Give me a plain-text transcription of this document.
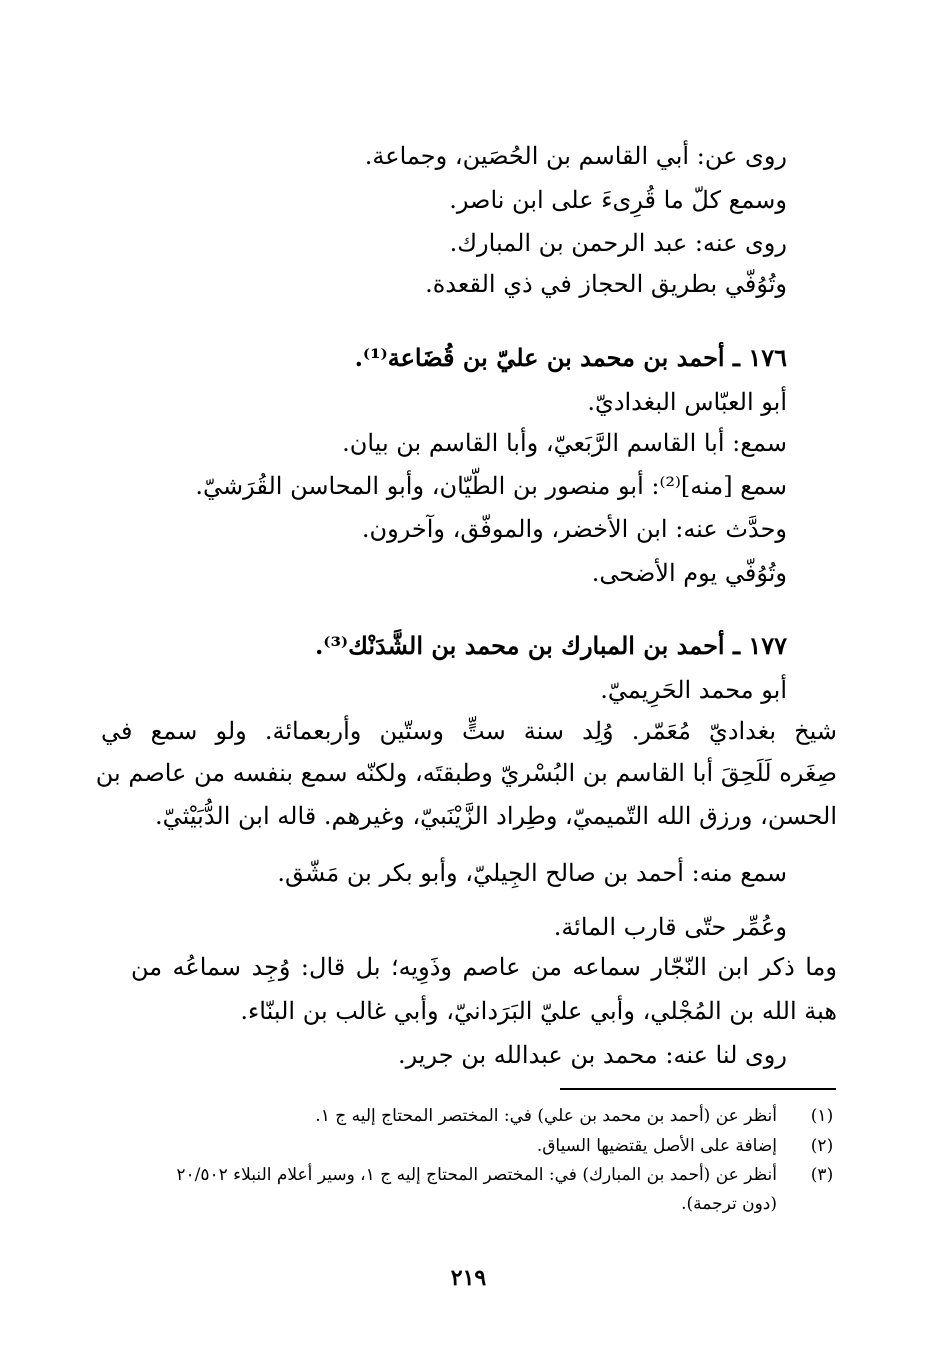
روى عن: أبي القاسم بن الحُصَين، وجماعة.
وسمع كلّ ما قُرِىءَ على ابن ناصر.
روى عنه: عبد الرحمن بن المبارك.
وتُوُفّي بطريق الحجاز في ذي القعدة.
١٧٦ ـ أحمد بن محمد بن عليّ بن قُضَاعة⁽¹⁾.
أبو العبّاس البغداديّ.
سمع: أبا القاسم الرَّبَعيّ، وأبا القاسم بن بيان.
سمع [منه]⁽²⁾: أبو منصور بن الطّيّان، وأبو المحاسن القُرَشيّ.
وحدَّث عنه: ابن الأخضر، والموفّق، وآخرون.
وتُوُفّي يوم الأضحى.
١٧٧ ـ أحمد بن المبارك بن محمد بن الشَّدَنْك⁽³⁾.
أبو محمد الحَرِيميّ.
شيخ بغداديّ مُعَمّر. وُلِد سنة ستٍّ وستّين وأربعمائة. ولو سمع في
صِغَره لَلَحِقَ أبا القاسم بن البُسْريّ وطبقتَه، ولكنّه سمع بنفسه من عاصم بن
الحسن، ورزق الله التّميميّ، وطِراد الزَّيْنَبيّ، وغيرهم. قاله ابن الدُّبَيْثيّ.
سمع منه: أحمد بن صالح الجِيليّ، وأبو بكر بن مَشّق.
وعُمِّر حتّى قارب المائة.
وما ذكر ابن النّجّار سماعه من عاصم وذَوِيه؛ بل قال: وُجِد سماعُه من
هبة الله بن المُجْلي، وأبي عليّ البَرَدانيّ، وأبي غالب بن البنّاء.
روى لنا عنه: محمد بن عبدالله بن جرير.
(١)
أنظر عن (أحمد بن محمد بن علي) في: المختصر المحتاج إليه ج ١.
(٢)
إضافة على الأصل يقتضيها السياق.
(٣)
أنظر عن (أحمد بن المبارك) في: المختصر المحتاج إليه ج ١، وسير أعلام النبلاء ٢٠/٥٠٢
(دون ترجمة).
٢١٩
